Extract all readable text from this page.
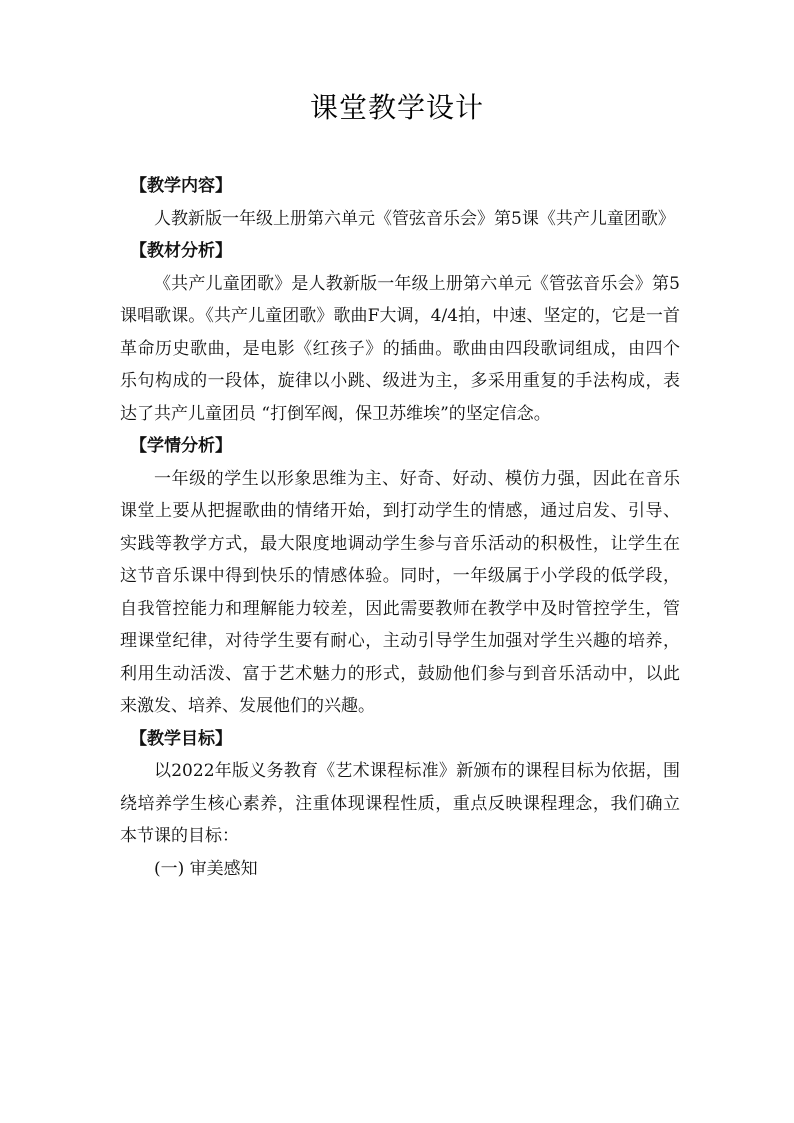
课堂教学设计

【教学内容】

人教新版一年级上册第六单元《管弦音乐会》第5课《共产儿童团歌》

【教材分析】

《共产儿童团歌》是人教新版一年级上册第六单元《管弦音乐会》第5课唱歌课。《共产儿童团歌》歌曲F大调，4/4拍，中速、坚定的，它是一首革命历史歌曲，是电影《红孩子》的插曲。歌曲由四段歌词组成，由四个乐句构成的一段体，旋律以小跳、级进为主，多采用重复的手法构成，表达了共产儿童团员 “打倒军阀，保卫苏维埃”的坚定信念。

【学情分析】

一年级的学生以形象思维为主、好奇、好动、模仿力强，因此在音乐课堂上要从把握歌曲的情绪开始，到打动学生的情感，通过启发、引导、实践等教学方式，最大限度地调动学生参与音乐活动的积极性，让学生在这节音乐课中得到快乐的情感体验。同时，一年级属于小学段的低学段，自我管控能力和理解能力较差，因此需要教师在教学中及时管控学生，管理课堂纪律，对待学生要有耐心，主动引导学生加强对学生兴趣的培养，利用生动活泼、富于艺术魅力的形式，鼓励他们参与到音乐活动中，以此来激发、培养、发展他们的兴趣。

【教学目标】

以2022年版义务教育《艺术课程标准》新颁布的课程目标为依据，围绕培养学生核心素养，注重体现课程性质，重点反映课程理念，我们确立本节课的目标：

(一) 审美感知
